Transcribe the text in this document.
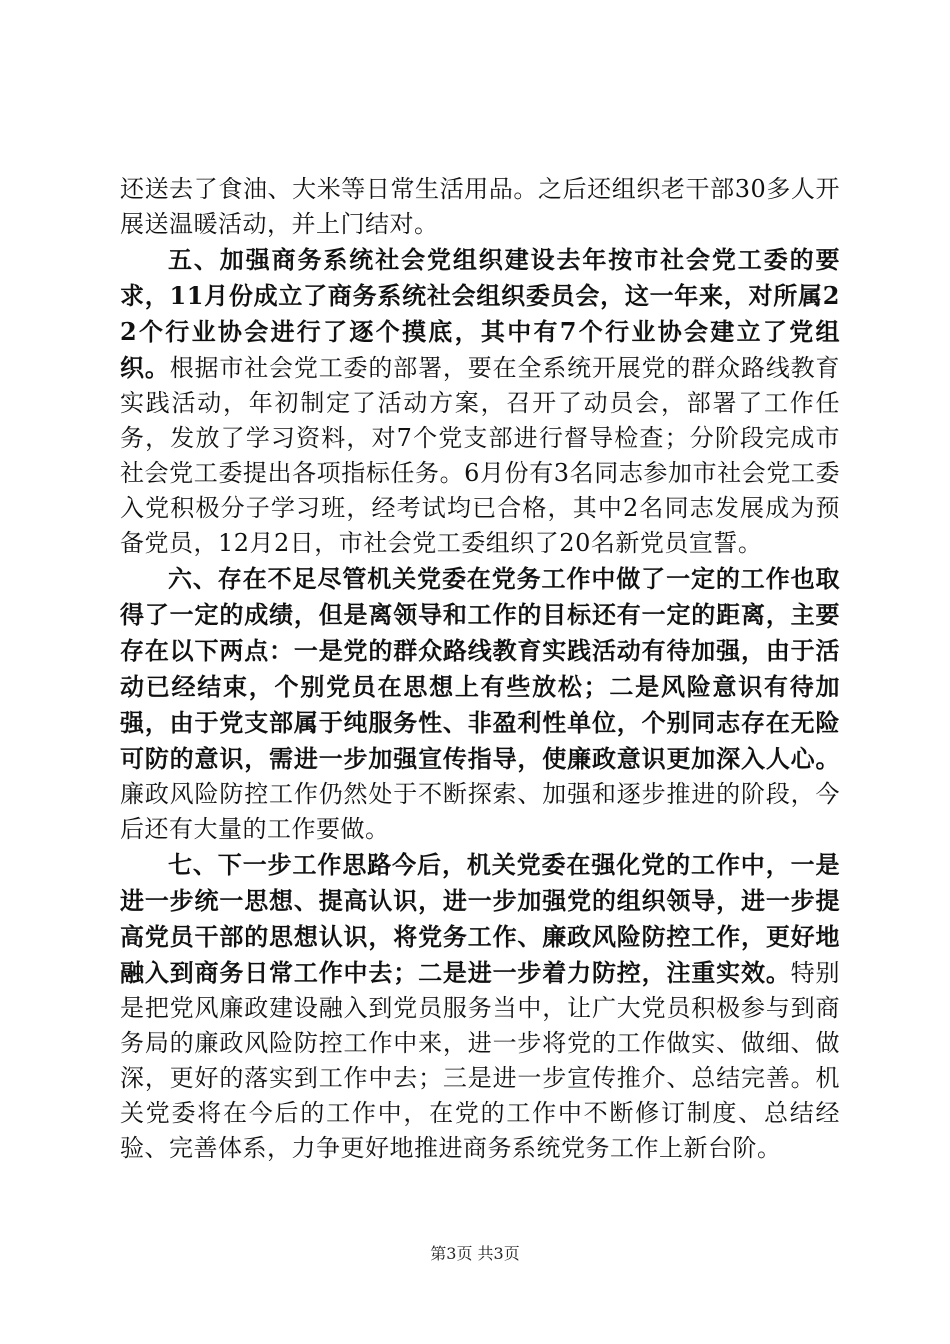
还送去了食油、大米等日常生活用品。之后还组织老干部30多人开展送温暖活动，并上门结对。

五、加强商务系统社会党组织建设去年按市社会党工委的要求，11月份成立了商务系统社会组织委员会，这一年来，对所属22个行业协会进行了逐个摸底，其中有7个行业协会建立了党组织。根据市社会党工委的部署，要在全系统开展党的群众路线教育实践活动，年初制定了活动方案，召开了动员会，部署了工作任务，发放了学习资料，对7个党支部进行督导检查；分阶段完成市社会党工委提出各项指标任务。6月份有3名同志参加市社会党工委入党积极分子学习班，经考试均已合格，其中2名同志发展成为预备党员，12月2日，市社会党工委组织了20名新党员宣誓。

六、存在不足尽管机关党委在党务工作中做了一定的工作也取得了一定的成绩，但是离领导和工作的目标还有一定的距离，主要存在以下两点：一是党的群众路线教育实践活动有待加强，由于活动已经结束，个别党员在思想上有些放松；二是风险意识有待加强，由于党支部属于纯服务性、非盈利性单位，个别同志存在无险可防的意识，需进一步加强宣传指导，使廉政意识更加深入人心。廉政风险防控工作仍然处于不断探索、加强和逐步推进的阶段，今后还有大量的工作要做。

七、下一步工作思路今后，机关党委在强化党的工作中，一是进一步统一思想、提高认识，进一步加强党的组织领导，进一步提高党员干部的思想认识，将党务工作、廉政风险防控工作，更好地融入到商务日常工作中去；二是进一步着力防控，注重实效。特别是把党风廉政建设融入到党员服务当中，让广大党员积极参与到商务局的廉政风险防控工作中来，进一步将党的工作做实、做细、做深，更好的落实到工作中去；三是进一步宣传推介、总结完善。机关党委将在今后的工作中，在党的工作中不断修订制度、总结经验、完善体系，力争更好地推进商务系统党务工作上新台阶。

第3页 共3页
